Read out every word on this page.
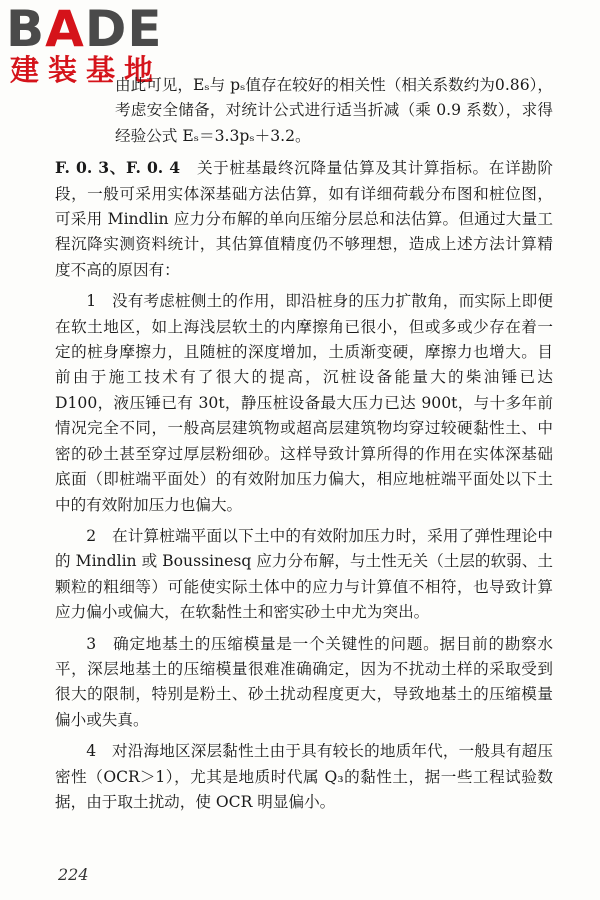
BADE
建装基地

由此可见，Eₛ与 pₛ值存在较好的相关性（相关系数约为0.86），考虑安全储备，对统计公式进行适当折减（乘 0.9 系数），求得经验公式 Eₛ＝3.3pₛ＋3.2。

F. 0. 3、F. 0. 4　 关于桩基最终沉降量估算及其计算指标。在详勘阶段，一般可采用实体深基础方法估算，如有详细荷载分布图和桩位图，可采用 Mindlin 应力分布解的单向压缩分层总和法估算。但通过大量工程沉降实测资料统计，其估算值精度仍不够理想，造成上述方法计算精度不高的原因有：

1　没有考虑桩侧土的作用，即沿桩身的压力扩散角，而实际上即便在软土地区，如上海浅层软土的内摩擦角已很小，但或多或少存在着一定的桩身摩擦力，且随桩的深度增加，土质渐变硬，摩擦力也增大。目前由于施工技术有了很大的提高，沉桩设备能量大的柴油锤已达 D100，液压锤已有 30t，静压桩设备最大压力已达 900t，与十多年前情况完全不同，一般高层建筑物或超高层建筑物均穿过较硬黏性土、中密的砂土甚至穿过厚层粉细砂。这样导致计算所得的作用在实体深基础底面（即桩端平面处）的有效附加压力偏大，相应地桩端平面处以下土中的有效附加压力也偏大。

2　在计算桩端平面以下土中的有效附加压力时，采用了弹性理论中的 Mindlin 或 Boussinesq 应力分布解，与土性无关（土层的软弱、土颗粒的粗细等）可能使实际土体中的应力与计算值不相符，也导致计算应力偏小或偏大，在软黏性土和密实砂土中尤为突出。

3　确定地基土的压缩模量是一个关键性的问题。据目前的勘察水平，深层地基土的压缩模量很难准确确定，因为不扰动土样的采取受到很大的限制，特别是粉土、砂土扰动程度更大，导致地基土的压缩模量偏小或失真。

4　对沿海地区深层黏性土由于具有较长的地质年代，一般具有超压密性（OCR＞1），尤其是地质时代属 Q₃的黏性土，据一些工程试验数据，由于取土扰动，使 OCR 明显偏小。

224
